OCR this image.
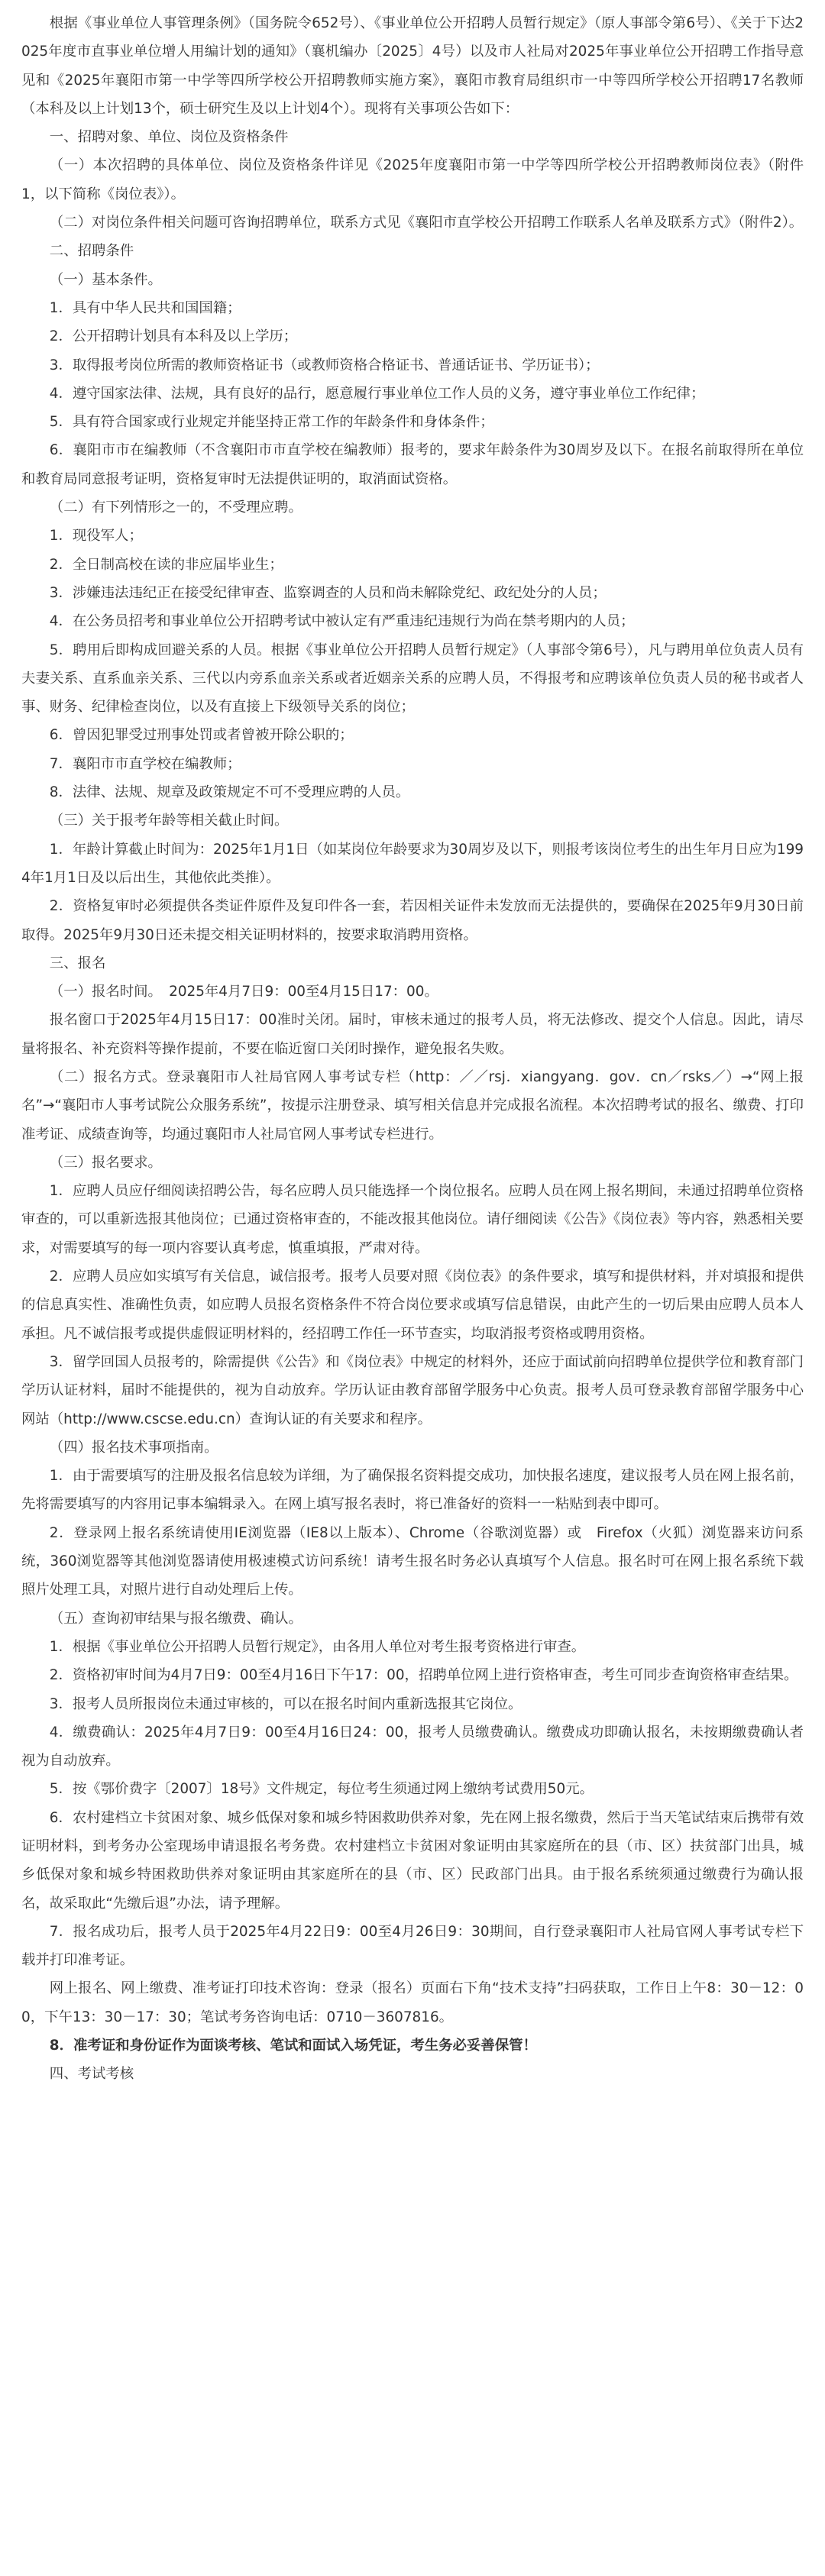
根据《事业单位人事管理条例》（国务院令652号）、《事业单位公开招聘人员暂行规定》（原人事部令第6号）、《关于下达2025年度市直事业单位增人用编计划的通知》（襄机编办〔2025〕4号）以及市人社局对2025年事业单位公开招聘工作指导意见和《2025年襄阳市第一中学等四所学校公开招聘教师实施方案》，襄阳市教育局组织市一中等四所学校公开招聘17名教师（本科及以上计划13个，硕士研究生及以上计划4个）。现将有关事项公告如下：

一、招聘对象、单位、岗位及资格条件

（一）本次招聘的具体单位、岗位及资格条件详见《2025年度襄阳市第一中学等四所学校公开招聘教师岗位表》（附件1，以下简称《岗位表》）。

（二）对岗位条件相关问题可咨询招聘单位，联系方式见《襄阳市直学校公开招聘工作联系人名单及联系方式》（附件2）。

二、招聘条件

（一）基本条件。

1．具有中华人民共和国国籍；

2．公开招聘计划具有本科及以上学历；

3．取得报考岗位所需的教师资格证书（或教师资格合格证书、普通话证书、学历证书）；

4．遵守国家法律、法规，具有良好的品行，愿意履行事业单位工作人员的义务，遵守事业单位工作纪律；

5．具有符合国家或行业规定并能坚持正常工作的年龄条件和身体条件；

6．襄阳市市在编教师（不含襄阳市市直学校在编教师）报考的，要求年龄条件为30周岁及以下。在报名前取得所在单位和教育局同意报考证明，资格复审时无法提供证明的，取消面试资格。

（二）有下列情形之一的，不受理应聘。

1．现役军人；

2．全日制高校在读的非应届毕业生；

3．涉嫌违法违纪正在接受纪律审查、监察调查的人员和尚未解除党纪、政纪处分的人员；

4．在公务员招考和事业单位公开招聘考试中被认定有严重违纪违规行为尚在禁考期内的人员；

5．聘用后即构成回避关系的人员。根据《事业单位公开招聘人员暂行规定》（人事部令第6号），凡与聘用单位负责人员有夫妻关系、直系血亲关系、三代以内旁系血亲关系或者近姻亲关系的应聘人员，不得报考和应聘该单位负责人员的秘书或者人事、财务、纪律检查岗位，以及有直接上下级领导关系的岗位；

6．曾因犯罪受过刑事处罚或者曾被开除公职的；

7．襄阳市市直学校在编教师；

8．法律、法规、规章及政策规定不可不受理应聘的人员。

（三）关于报考年龄等相关截止时间。

1．年龄计算截止时间为：2025年1月1日（如某岗位年龄要求为30周岁及以下，则报考该岗位考生的出生年月日应为1994年1月1日及以后出生，其他依此类推）。

2．资格复审时必须提供各类证件原件及复印件各一套，若因相关证件未发放而无法提供的，要确保在2025年9月30日前取得。2025年9月30日还未提交相关证明材料的，按要求取消聘用资格。

三、报名

（一）报名时间。　2025年4月7日9：00至4月15日17：00。

报名窗口于2025年4月15日17：00准时关闭。届时，审核未通过的报考人员，将无法修改、提交个人信息。因此，请尽量将报名、补充资料等操作提前，不要在临近窗口关闭时操作，避免报名失败。

（二）报名方式。登录襄阳市人社局官网人事考试专栏（http：／／rsj．xiangyang．gov．cn／rsks／）→“网上报名”→“襄阳市人事考试院公众服务系统”，按提示注册登录、填写相关信息并完成报名流程。本次招聘考试的报名、缴费、打印准考证、成绩查询等，均通过襄阳市人社局官网人事考试专栏进行。

（三）报名要求。

1．应聘人员应仔细阅读招聘公告，每名应聘人员只能选择一个岗位报名。应聘人员在网上报名期间，未通过招聘单位资格审查的，可以重新选报其他岗位；已通过资格审查的，不能改报其他岗位。请仔细阅读《公告》《岗位表》等内容，熟悉相关要求，对需要填写的每一项内容要认真考虑，慎重填报，严肃对待。

2．应聘人员应如实填写有关信息，诚信报考。报考人员要对照《岗位表》的条件要求，填写和提供材料，并对填报和提供的信息真实性、准确性负责，如应聘人员报名资格条件不符合岗位要求或填写信息错误，由此产生的一切后果由应聘人员本人承担。凡不诚信报考或提供虚假证明材料的，经招聘工作任一环节查实，均取消报考资格或聘用资格。

3．留学回国人员报考的，除需提供《公告》和《岗位表》中规定的材料外，还应于面试前向招聘单位提供学位和教育部门学历认证材料，届时不能提供的，视为自动放弃。学历认证由教育部留学服务中心负责。报考人员可登录教育部留学服务中心网站（http://www.cscse.edu.cn）查询认证的有关要求和程序。

（四）报名技术事项指南。

1．由于需要填写的注册及报名信息较为详细，为了确保报名资料提交成功，加快报名速度，建议报考人员在网上报名前，先将需要填写的内容用记事本编辑录入。在网上填写报名表时，将已准备好的资料一一粘贴到表中即可。

2．登录网上报名系统请使用IE浏览器（IE8以上版本）、Chrome（谷歌浏览器）或　Firefox（火狐）浏览器来访问系统，360浏览器等其他浏览器请使用极速模式访问系统！请考生报名时务必认真填写个人信息。报名时可在网上报名系统下载照片处理工具，对照片进行自动处理后上传。

（五）查询初审结果与报名缴费、确认。

1．根据《事业单位公开招聘人员暂行规定》，由各用人单位对考生报考资格进行审查。

2．资格初审时间为4月7日9：00至4月16日下午17：00，招聘单位网上进行资格审查，考生可同步查询资格审查结果。

3．报考人员所报岗位未通过审核的，可以在报名时间内重新选报其它岗位。

4．缴费确认：2025年4月7日9：00至4月16日24：00，报考人员缴费确认。缴费成功即确认报名，未按期缴费确认者视为自动放弃。

5．按《鄂价费字〔2007〕18号》文件规定，每位考生须通过网上缴纳考试费用50元。

6．农村建档立卡贫困对象、城乡低保对象和城乡特困救助供养对象，先在网上报名缴费，然后于当天笔试结束后携带有效证明材料，到考务办公室现场申请退报名考务费。农村建档立卡贫困对象证明由其家庭所在的县（市、区）扶贫部门出具，城乡低保对象和城乡特困救助供养对象证明由其家庭所在的县（市、区）民政部门出具。由于报名系统须通过缴费行为确认报名，故采取此“先缴后退”办法，请予理解。

7．报名成功后，报考人员于2025年4月22日9：00至4月26日9：30期间，自行登录襄阳市人社局官网人事考试专栏下载并打印准考证。

网上报名、网上缴费、准考证打印技术咨询：登录（报名）页面右下角“技术支持”扫码获取，工作日上午8：30－12：00，下午13：30－17：30；笔试考务咨询电话：0710－3607816。

8．准考证和身份证作为面谈考核、笔试和面试入场凭证，考生务必妥善保管！

四、考试考核
